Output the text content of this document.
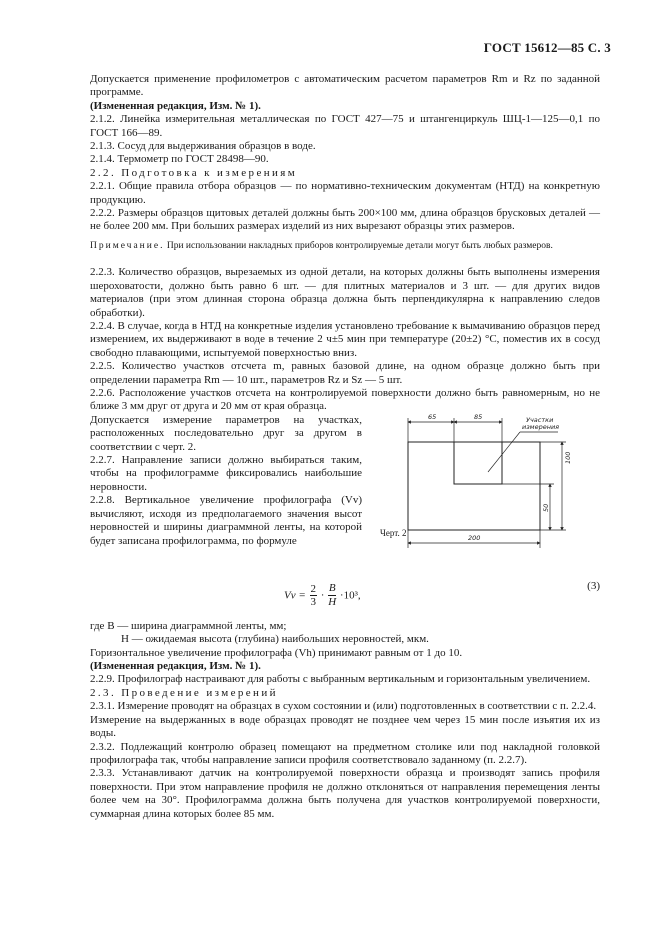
ГОСТ 15612—85 С. 3

Допускается применение профилометров с автоматическим расчетом параметров Rm и Rz по заданной программе.

(Измененная редакция, Изм. № 1).

2.1.2. Линейка измерительная металлическая по ГОСТ 427—75 и штангенциркуль ШЦ-1—125—0,1 по ГОСТ 166—89.

2.1.3. Сосуд для выдерживания образцов в воде.

2.1.4. Термометр по ГОСТ 28498—90.

2.2. Подготовка к измерениям

2.2.1. Общие правила отбора образцов — по нормативно-техническим документам (НТД) на конкретную продукцию.

2.2.2. Размеры образцов щитовых деталей должны быть 200×100 мм, длина образцов брусковых деталей — не более 200 мм. При больших размерах изделий из них вырезают образцы этих размеров.

Примечание. При использовании накладных приборов контролируемые детали могут быть любых размеров.

2.2.3. Количество образцов, вырезаемых из одной детали, на которых должны быть выполнены измерения шероховатости, должно быть равно 6 шт. — для плитных материалов и 3 шт. — для других видов материалов (при этом длинная сторона образца должна быть перпендикулярна к направлению следов обработки).

2.2.4. В случае, когда в НТД на конкретные изделия установлено требование к вымачиванию образцов перед измерением, их выдерживают в воде в течение 2 ч±5 мин при температуре (20±2) °С, поместив их в сосуд свободно плавающими, испытуемой поверхностью вниз.

2.2.5. Количество участков отсчета m, равных базовой длине, на одном образце должно быть при определении параметра Rm — 10 шт., параметров Rz и Sz — 5 шт.

2.2.6. Расположение участков отсчета на контролируемой поверхности должно быть равномерным, но не ближе 3 мм друг от друга и 20 мм от края образца.

Допускается измерение параметров на участках, расположенных последовательно друг за другом в соответствии с черт. 2.

2.2.7. Направление записи должно выбираться таким, чтобы на профилограмме фиксировались наибольшие неровности.

2.2.8. Вертикальное увеличение профилографа (Vv) вычисляют, исходя из предполагаемого значения высот неровностей и ширины диаграммной ленты, на которой будет записана профилограмма, по формуле

65	85
200
100
50
Участки
измерения
$Vv = \frac{2}{3} \cdot \frac{B}{H} \cdot 10^3$,
(3)

где B — ширина диаграммной ленты, мм;

H — ожидаемая высота (глубина) наибольших неровностей, мкм.

Горизонтальное увеличение профилографа (Vh) принимают равным от 1 до 10.

(Измененная редакция, Изм. № 1).

2.2.9. Профилограф настраивают для работы с выбранным вертикальным и горизонтальным увеличением.

2.3. Проведение измерений

2.3.1. Измерение проводят на образцах в сухом состоянии и (или) подготовленных в соответствии с п. 2.2.4.

Измерение на выдержанных в воде образцах проводят не позднее чем через 15 мин после изъятия их из воды.

2.3.2. Подлежащий контролю образец помещают на предметном столике или под накладной головкой профилографа так, чтобы направление записи профиля соответствовало заданному (п. 2.2.7).

2.3.3. Устанавливают датчик на контролируемой поверхности образца и производят запись профиля поверхности. При этом направление профиля не должно отклоняться от направления перемещения ленты более чем на 30°. Профилограмма должна быть получена для участков контролируемой поверхности, суммарная длина которых более 85 мм.

Черт. 2
